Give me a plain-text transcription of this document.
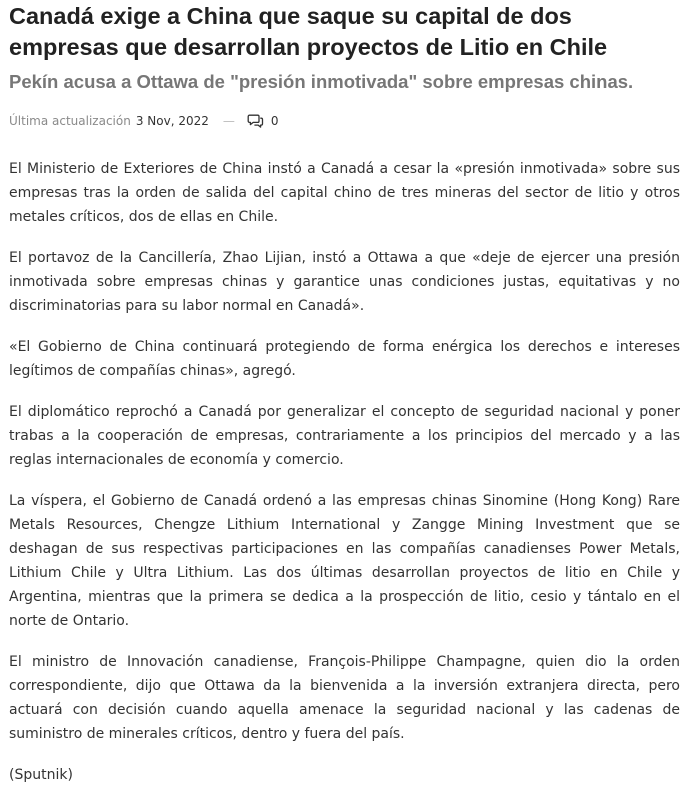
Canadá exige a China que saque su capital de dos empresas que desarrollan proyectos de Litio en Chile
Pekín acusa a Ottawa de "presión inmotivada" sobre empresas chinas.
Última actualización 3 Nov, 2022 —	0

El Ministerio de Exteriores de China instó a Canadá a cesar la «presión inmotivada» sobre sus empresas tras la orden de salida del capital chino de tres mineras del sector de litio y otros metales críticos, dos de ellas en Chile.

El portavoz de la Cancillería, Zhao Lijian, instó a Ottawa a que «deje de ejercer una presión inmotivada sobre empresas chinas y garantice unas condiciones justas, equitativas y no discriminatorias para su labor normal en Canadá».

«El Gobierno de China continuará protegiendo de forma enérgica los derechos e intereses legítimos de compañías chinas», agregó.

El diplomático reprochó a Canadá por generalizar el concepto de seguridad nacional y poner trabas a la cooperación de empresas, contrariamente a los principios del mercado y a las reglas internacionales de economía y comercio.

La víspera, el Gobierno de Canadá ordenó a las empresas chinas Sinomine (Hong Kong) Rare Metals Resources, Chengze Lithium International y Zangge Mining Investment que se deshagan de sus respectivas participaciones en las compañías canadienses Power Metals, Lithium Chile y Ultra Lithium. Las dos últimas desarrollan proyectos de litio en Chile y Argentina, mientras que la primera se dedica a la prospección de litio, cesio y tántalo en el norte de Ontario.

El ministro de Innovación canadiense, François-Philippe Champagne, quien dio la orden correspondiente, dijo que Ottawa da la bienvenida a la inversión extranjera directa, pero actuará con decisión cuando aquella amenace la seguridad nacional y las cadenas de suministro de minerales críticos, dentro y fuera del país.

(Sputnik)
